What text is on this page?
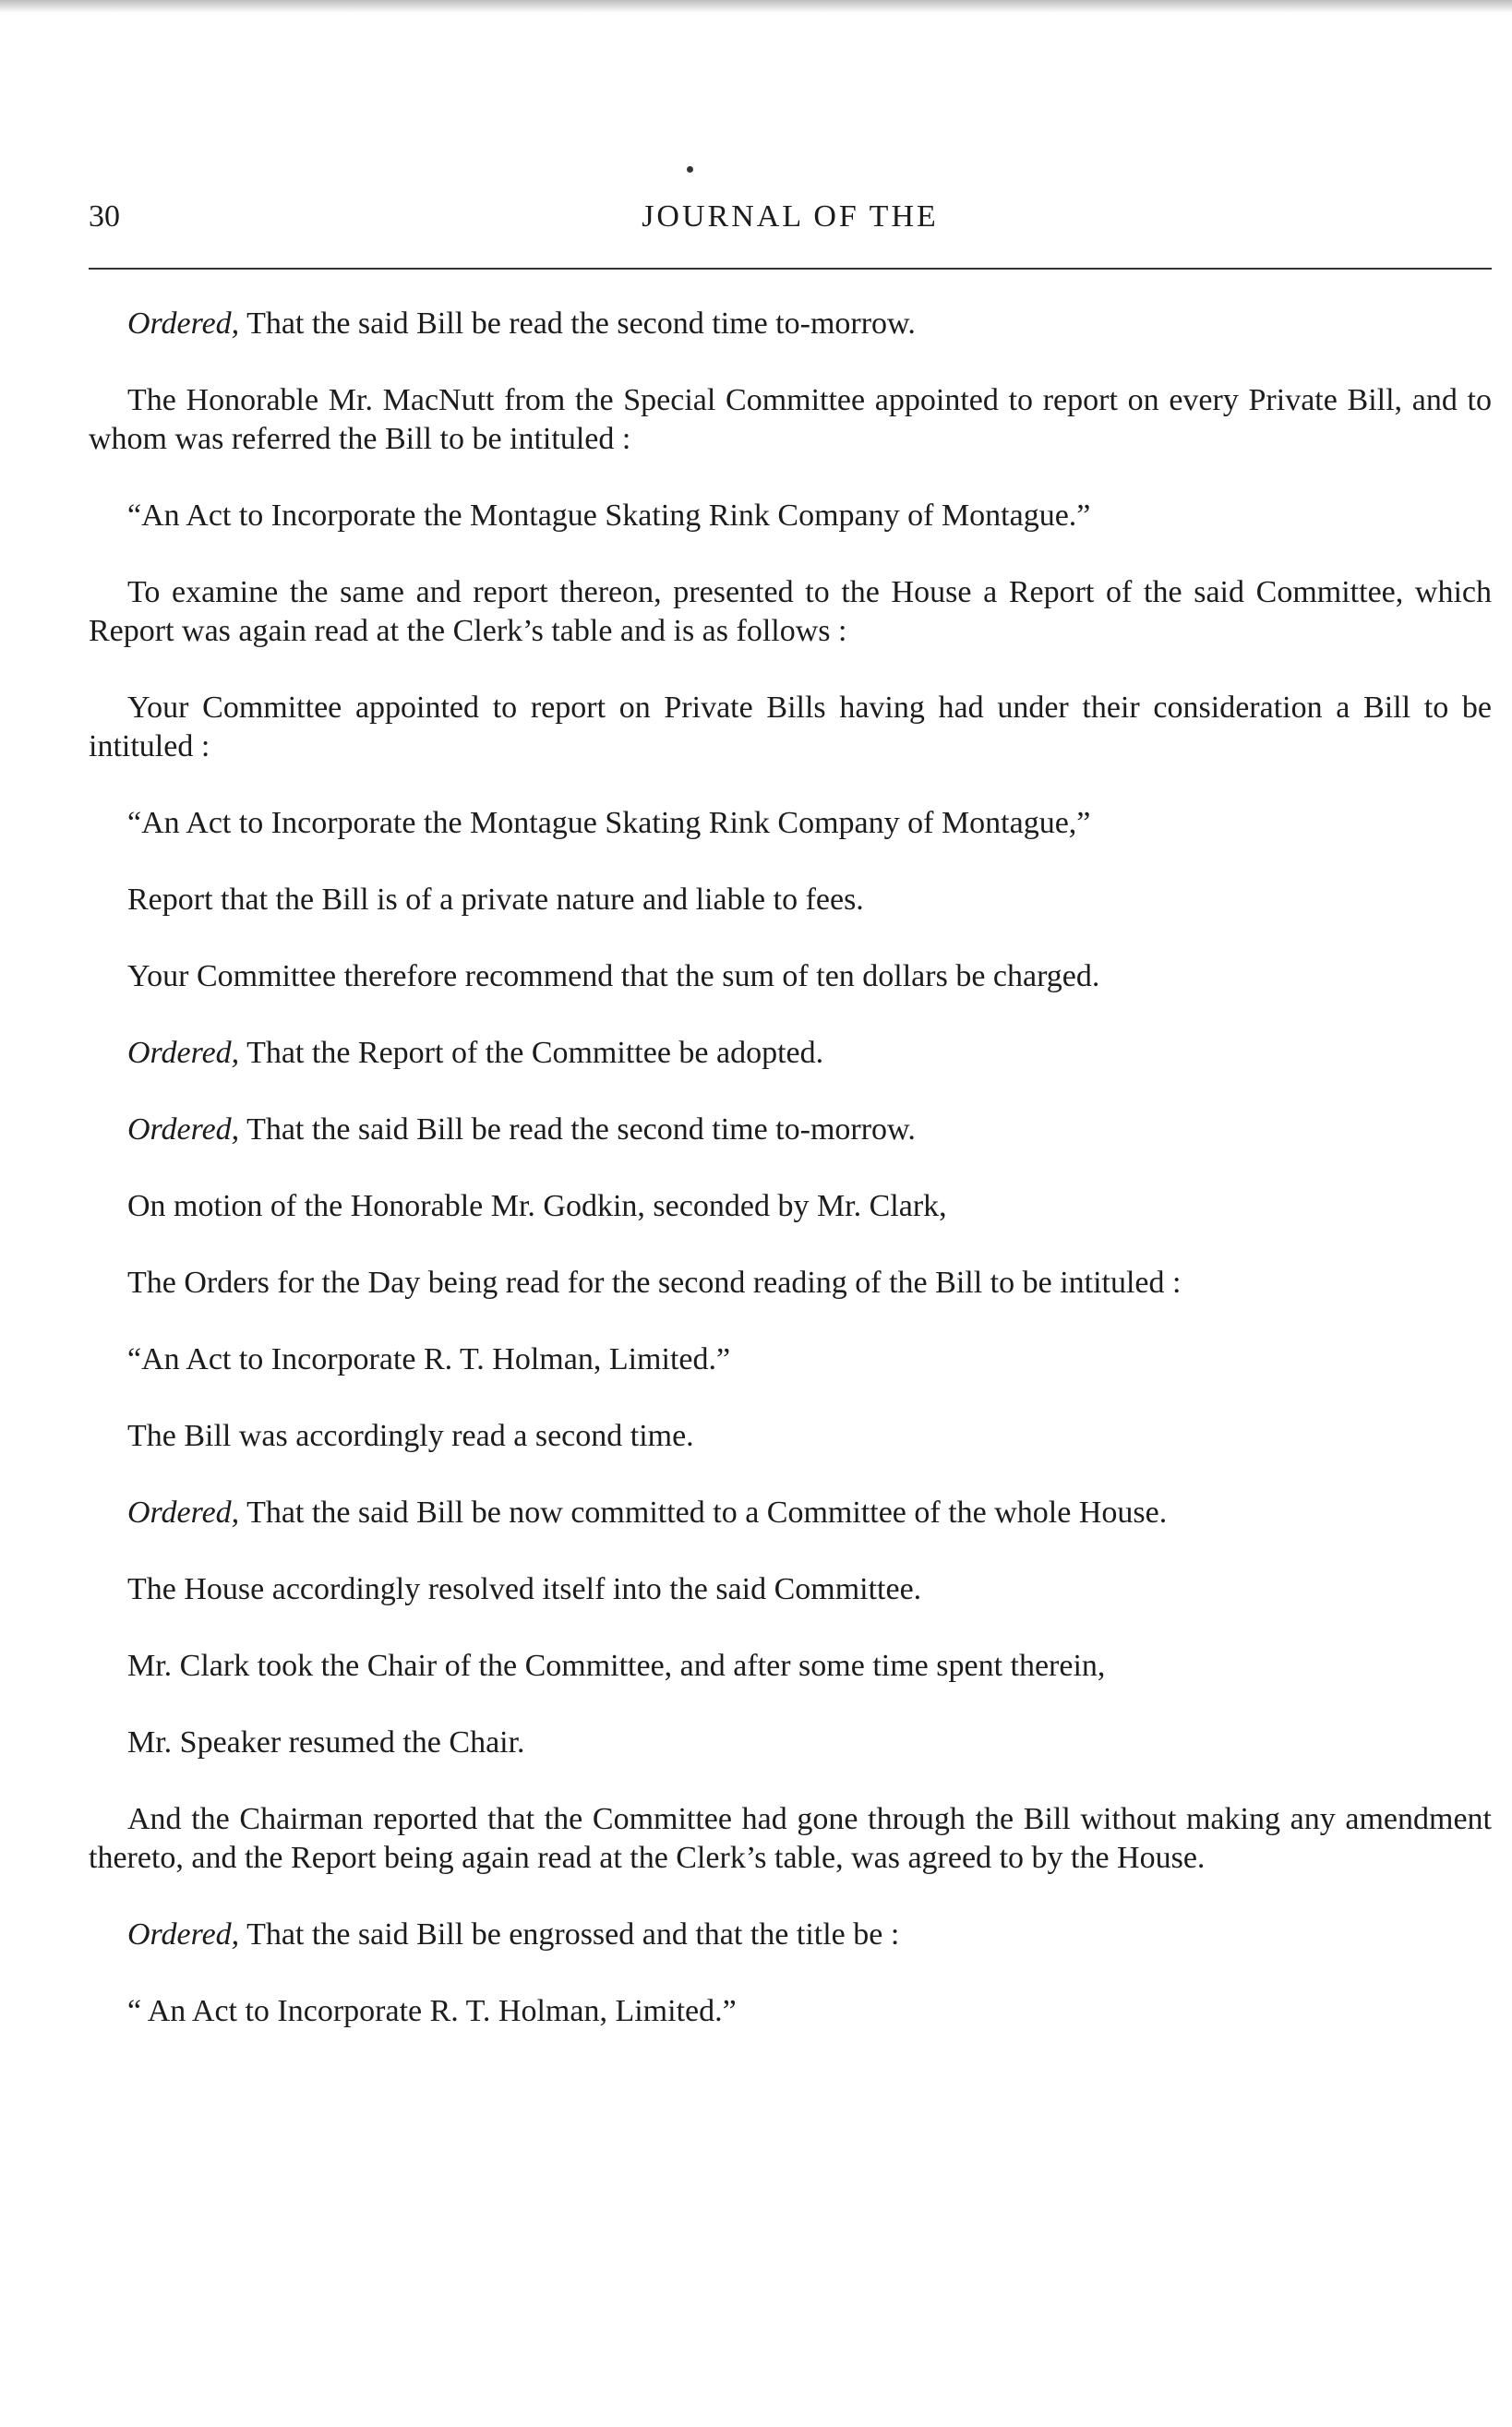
30	JOURNAL OF THE

Ordered, That the said Bill be read the second time to-morrow.

The Honorable Mr. MacNutt from the Special Committee appointed to report on every Private Bill, and to whom was referred the Bill to be intituled :

“An Act to Incorporate the Montague Skating Rink Company of Montague.”

To examine the same and report thereon, presented to the House a Report of the said Committee, which Report was again read at the Clerk’s table and is as follows :

Your Committee appointed to report on Private Bills having had under their consideration a Bill to be intituled :

“An Act to Incorporate the Montague Skating Rink Company of Montague,”

Report that the Bill is of a private nature and liable to fees.

Your Committee therefore recommend that the sum of ten dollars be charged.

Ordered, That the Report of the Committee be adopted.

Ordered, That the said Bill be read the second time to-morrow.

On motion of the Honorable Mr. Godkin, seconded by Mr. Clark,

The Orders for the Day being read for the second reading of the Bill to be intituled :

“An Act to Incorporate R. T. Holman, Limited.”

The Bill was accordingly read a second time.

Ordered, That the said Bill be now committed to a Committee of the whole House.

The House accordingly resolved itself into the said Committee.

Mr. Clark took the Chair of the Committee, and after some time spent therein,

Mr. Speaker resumed the Chair.

And the Chairman reported that the Committee had gone through the Bill without making any amendment thereto, and the Report being again read at the Clerk’s table, was agreed to by the House.

Ordered, That the said Bill be engrossed and that the title be :

“ An Act to Incorporate R. T. Holman, Limited.”
